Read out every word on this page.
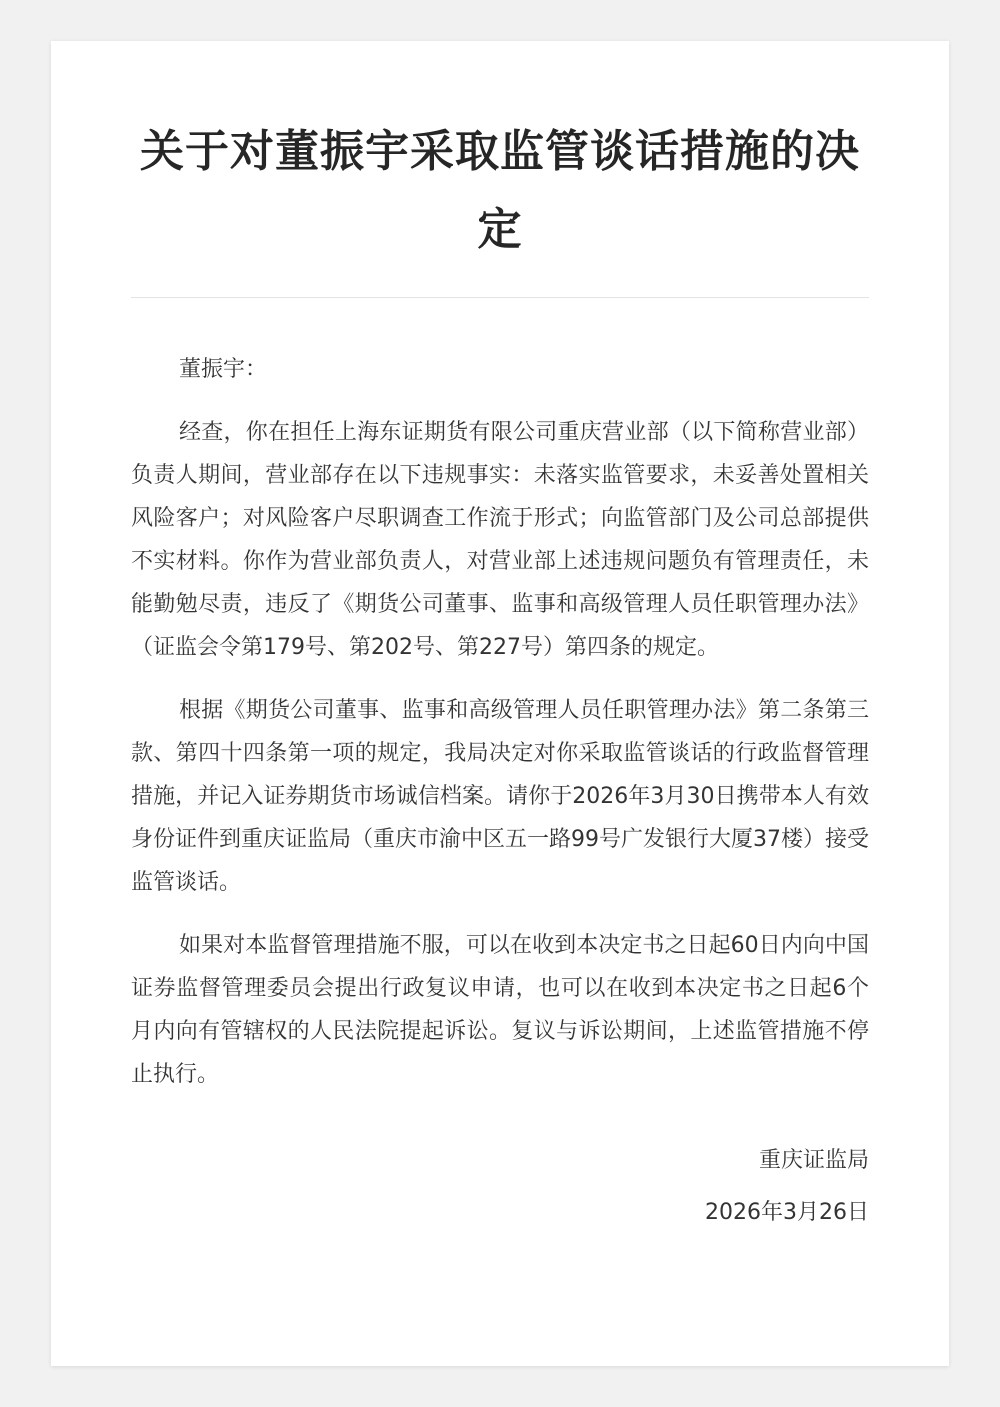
关于对董振宇采取监管谈话措施的决定

董振宇：

经查，你在担任上海东证期货有限公司重庆营业部（以下简称营业部）负责人期间，营业部存在以下违规事实：未落实监管要求，未妥善处置相关风险客户；对风险客户尽职调查工作流于形式；向监管部门及公司总部提供不实材料。你作为营业部负责人，对营业部上述违规问题负有管理责任，未能勤勉尽责，违反了《期货公司董事、监事和高级管理人员任职管理办法》（证监会令第179号、第202号、第227号）第四条的规定。

根据《期货公司董事、监事和高级管理人员任职管理办法》第二条第三款、第四十四条第一项的规定，我局决定对你采取监管谈话的行政监督管理措施，并记入证券期货市场诚信档案。请你于2026年3月30日携带本人有效身份证件到重庆证监局（重庆市渝中区五一路99号广发银行大厦37楼）接受监管谈话。

如果对本监督管理措施不服，可以在收到本决定书之日起60日内向中国证券监督管理委员会提出行政复议申请，也可以在收到本决定书之日起6个月内向有管辖权的人民法院提起诉讼。复议与诉讼期间，上述监管措施不停止执行。

重庆证监局
2026年3月26日
